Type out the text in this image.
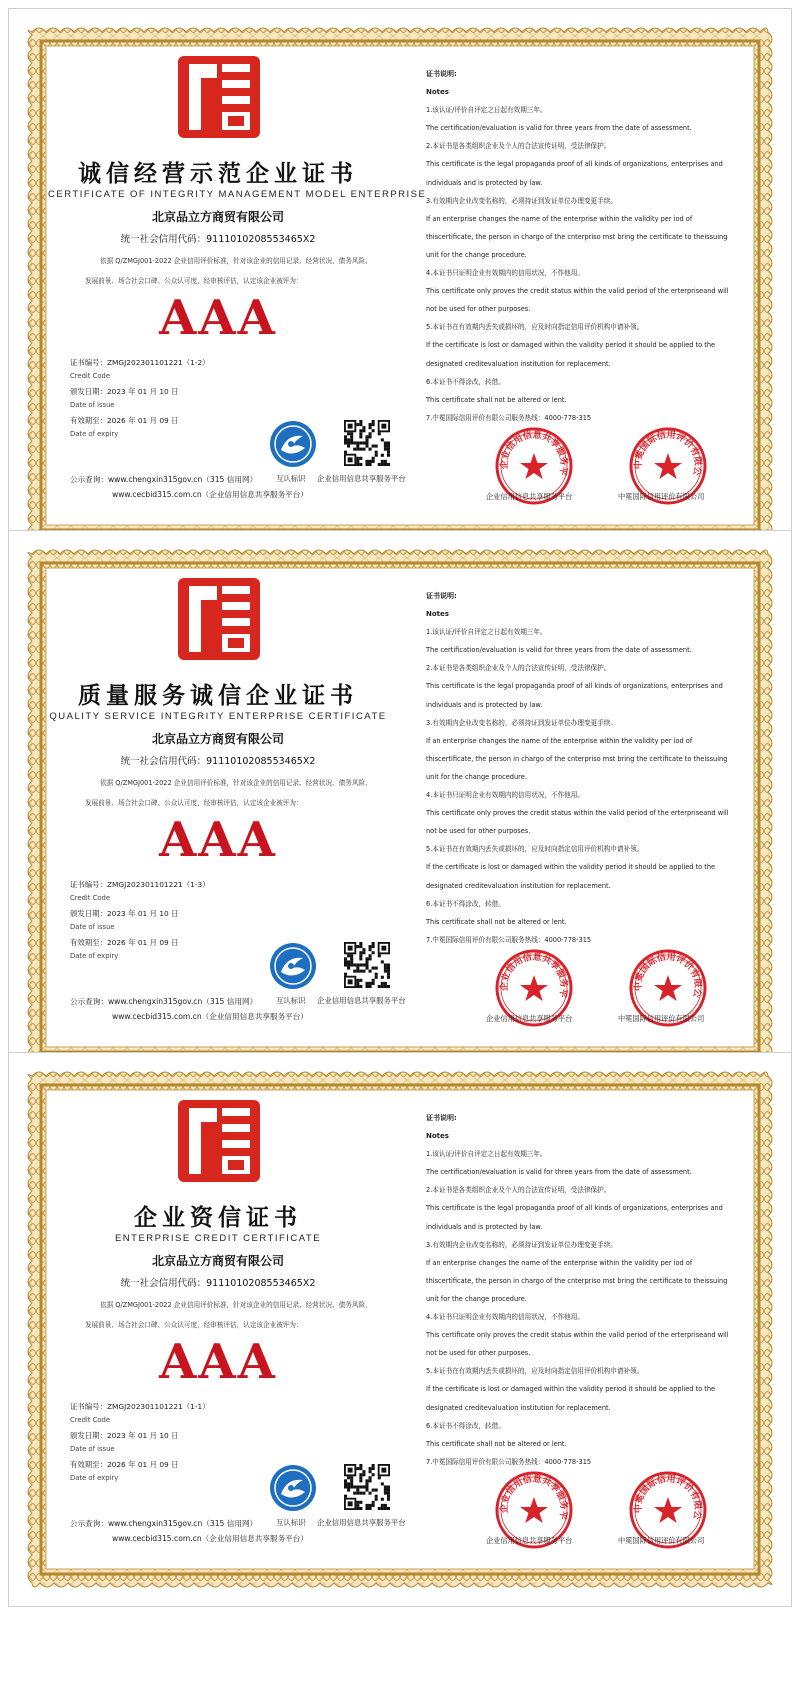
诚信经营示范企业证书
CERTIFICATE OF INTEGRITY MANAGEMENT MODEL ENTERPRISE
北京品立方商贸有限公司
统一社会信用代码：9111010208553465X2
依据 Q/ZMGJ001-2022 企业信用评价标准，针对该企业的信用记录、经营状况、债务风险、
发展前景、场合社会口碑、公众认可度，经审核评估，认定该企业被评为：
AAA
证书编号：ZMGJ202301101221（1-2）
Credit Code
颁发日期：2023 年 01 月 10 日
Date of issue
有效期至：2026 年 01 月 09 日
Date of expiry
互认标识 企业信用信息共享服务平台
公示查询：www.chengxin315gov.cn（315 信用网）
www.cecbid315.com.cn（企业信用信息共享服务平台）
证书说明:
Notes
1.该认证/评价自评定之日起有效期三年。
The certification/evaluation is valid for three years from the date of assessment.
2.本证书是各类组织企业及个人的合法宣传证明，受法律保护。
This certificate is the legal propaganda proof of all kinds of organizations, enterprises and
individuals and is protected by law.
3.有效期内企业改变名称的，必须持证到发证单位办理变更手续。
If an enterprise changes the name of the enterprise within the validity per iod of
thiscertificate, the person in chargo of the cnterpriso mst bring the certificate to theissuing
unit for the change procedure.
4.本证书只证明企业有效期内的信用状况，不作他用。
This certificate only proves the credit status within the valid period of the erterpriseand will
not be used for other purposes.
5.本证书在有效期内丢失或损坏的，应及时向指定信用评价机构申请补领。
If the certificate is lost or damaged within the validity period it should be applied to the
designated creditevaluation institution for replacement.
6.本证书不得涂改，转借。
This certificate shall not be altered or lent.
7.中冕国际信用评价有限公司服务热线：4000-778-315
企业信用信息共享服务平
企业信用信息共享服务平台
中冕国际信用评价有限公
中冕国际信用评价有限公司
质量服务诚信企业证书
QUALITY SERVICE INTEGRITY ENTERPRISE CERTIFICATE
北京品立方商贸有限公司
统一社会信用代码：9111010208553465X2
依据 Q/ZMGJ001-2022 企业信用评价标准，针对该企业的信用记录、经营状况、债务风险、
发展前景、场合社会口碑、公众认可度，经审核评估，认定该企业被评为：
AAA
证书编号：ZMGJ202301101221（1-3）
Credit Code
颁发日期：2023 年 01 月 10 日
Date of issue
有效期至：2026 年 01 月 09 日
Date of expiry
互认标识 企业信用信息共享服务平台
公示查询：www.chengxin315gov.cn（315 信用网）
www.cecbid315.com.cn（企业信用信息共享服务平台）
证书说明:
Notes
1.该认证/评价自评定之日起有效期三年。
The certification/evaluation is valid for three years from the date of assessment.
2.本证书是各类组织企业及个人的合法宣传证明，受法律保护。
This certificate is the legal propaganda proof of all kinds of organizations, enterprises and
individuals and is protected by law.
3.有效期内企业改变名称的，必须持证到发证单位办理变更手续。
If an enterprise changes the name of the enterprise within the validity per iod of
thiscertificate, the person in chargo of the cnterpriso mst bring the certificate to theissuing
unit for the change procedure.
4.本证书只证明企业有效期内的信用状况，不作他用。
This certificate only proves the credit status within the valid period of the erterpriseand will
not be used for other purposes.
5.本证书在有效期内丢失或损坏的，应及时向指定信用评价机构申请补领。
If the certificate is lost or damaged within the validity period it should be applied to the
designated creditevaluation institution for replacement.
6.本证书不得涂改，转借。
This certificate shall not be altered or lent.
7.中冕国际信用评价有限公司服务热线：4000-778-315
企业信用信息共享服务平
企业信用信息共享服务平台
中冕国际信用评价有限公
中冕国际信用评价有限公司
企业资信证书
ENTERPRISE CREDIT CERTIFICATE
北京品立方商贸有限公司
统一社会信用代码：9111010208553465X2
依据 Q/ZMGJ001-2022 企业信用评价标准，针对该企业的信用记录、经营状况、债务风险、
发展前景、场合社会口碑、公众认可度，经审核评估，认定该企业被评为：
AAA
证书编号：ZMGJ202301101221（1-1）
Credit Code
颁发日期：2023 年 01 月 10 日
Date of issue
有效期至：2026 年 01 月 09 日
Date of expiry
互认标识 企业信用信息共享服务平台
公示查询：www.chengxin315gov.cn（315 信用网）
www.cecbid315.com.cn（企业信用信息共享服务平台）
证书说明:
Notes
1.该认证/评价自评定之日起有效期三年。
The certification/evaluation is valid for three years from the date of assessment.
2.本证书是各类组织企业及个人的合法宣传证明，受法律保护。
This certificate is the legal propaganda proof of all kinds of organizations, enterprises and
individuals and is protected by law.
3.有效期内企业改变名称的，必须持证到发证单位办理变更手续。
If an enterprise changes the name of the enterprise within the validity per iod of
thiscertificate, the person in chargo of the cnterpriso mst bring the certificate to theissuing
unit for the change procedure.
4.本证书只证明企业有效期内的信用状况，不作他用。
This certificate only proves the credit status within the valid period of the erterpriseand will
not be used for other purposes.
5.本证书在有效期内丢失或损坏的，应及时向指定信用评价机构申请补领。
If the certificate is lost or damaged within the validity period it should be applied to the
designated creditevaluation institution for replacement.
6.本证书不得涂改，转借。
This certificate shall not be altered or lent.
7.中冕国际信用评价有限公司服务热线：4000-778-315
企业信用信息共享服务平
企业信用信息共享服务平台
中冕国际信用评价有限公
中冕国际信用评价有限公司
